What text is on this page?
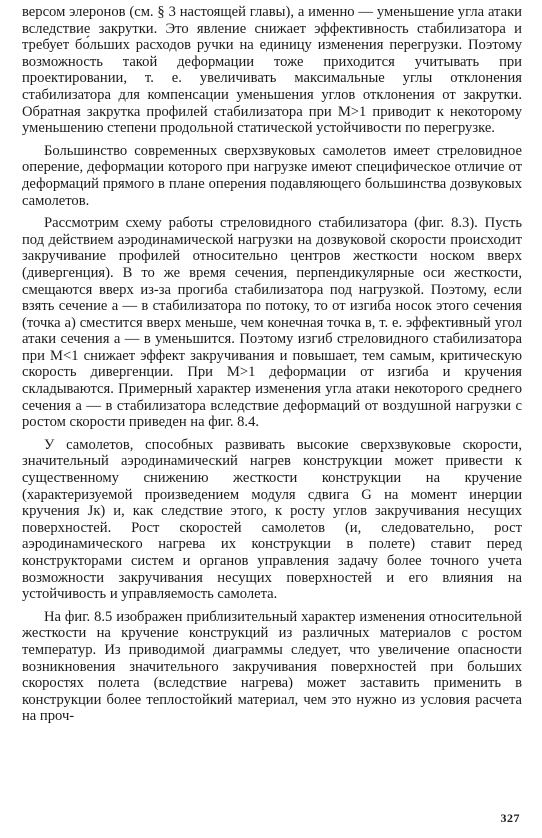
версом элеронов (см. § 3 настоящей главы), а именно — уменьшение угла атаки вследствие закрутки. Это явление снижает эффективность стабилизатора и требует бо́льших расходов ручки на единицу изменения перегрузки. Поэтому возможность такой деформации тоже приходится учитывать при проектировании, т. е. увеличивать максимальные углы отклонения стабилизатора для компенсации уменьшения углов отклонения от закрутки. Обратная закрутка профилей стабилизатора при M>1 приводит к некоторому уменьшению степени продольной статической устойчивости по перегрузке.

Большинство современных сверхзвуковых самолетов имеет стреловидное оперение, деформации которого при нагрузке имеют специфическое отличие от деформаций прямого в плане оперения подавляющего большинства дозвуковых самолетов.

Рассмотрим схему работы стреловидного стабилизатора (фиг. 8.3). Пусть под действием аэродинамической нагрузки на дозвуковой скорости происходит закручивание профилей относительно центров жесткости носком вверх (дивергенция). В то же время сечения, перпендикулярные оси жесткости, смещаются вверх из-за прогиба стабилизатора под нагрузкой. Поэтому, если взять сечение a — в стабилизатора по потоку, то от изгиба носок этого сечения (точка a) сместится вверх меньше, чем конечная точка в, т. е. эффективный угол атаки сечения a — в уменьшится. Поэтому изгиб стреловидного стабилизатора при M<1 снижает эффект закручивания и повышает, тем самым, критическую скорость дивергенции. При M>1 деформации от изгиба и кручения складываются. Примерный характер изменения угла атаки некоторого среднего сечения a — в стабилизатора вследствие деформаций от воздушной нагрузки с ростом скорости приведен на фиг. 8.4.

У самолетов, способных развивать высокие сверхзвуковые скорости, значительный аэродинамический нагрев конструкции может привести к существенному снижению жесткости конструкции на кручение (характеризуемой произведением модуля сдвига G на момент инерции кручения Jк) и, как следствие этого, к росту углов закручивания несущих поверхностей. Рост скоростей самолетов (и, следовательно, рост аэродинамического нагрева их конструкции в полете) ставит перед конструкторами систем и органов управления задачу более точного учета возможности закручивания несущих поверхностей и его влияния на устойчивость и управляемость самолета.

На фиг. 8.5 изображен приблизительный характер изменения относительной жесткости на кручение конструкций из различных материалов с ростом температур. Из приводимой диаграммы следует, что увеличение опасности возникновения значительного закручивания поверхностей при больших скоростях полета (вследствие нагрева) может заставить применить в конструкции более теплостойкий материал, чем это нужно из условия расчета на проч-

327
